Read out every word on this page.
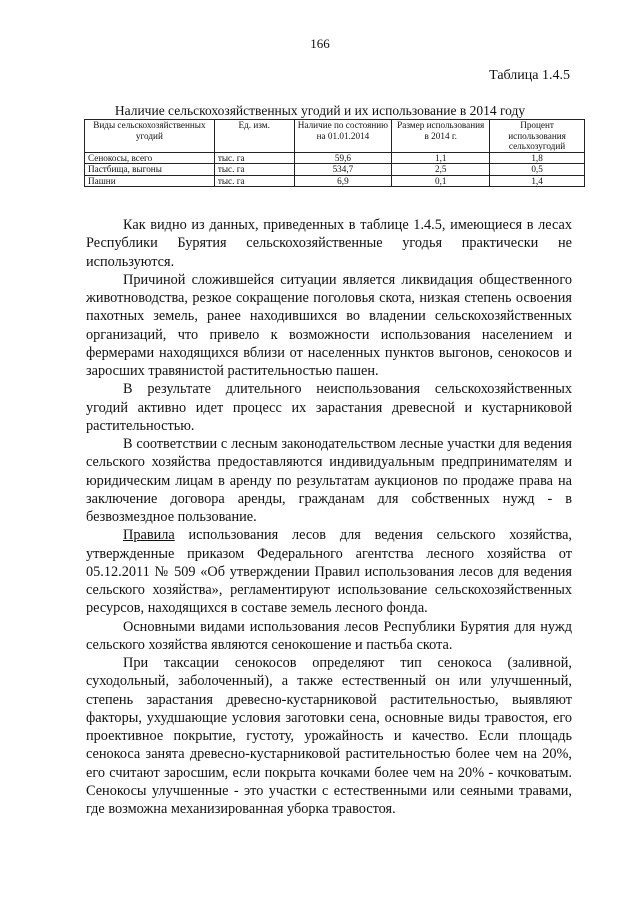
166
Таблица 1.4.5
Наличие сельскохозяйственных угодий и их использование в 2014 году
Виды сельскохозяйственных угодий	Ед. изм.	Наличие по состоянию на 01.01.2014	Размер использования в 2014 г.	Процент использования сельхозугодий
Сенокосы, всего	тыс. га	59,6	1,1	1,8
Пастбища, выгоны	тыс. га	534,7	2,5	0,5
Пашни	тыс. га	6,9	0,1	1,4

Как видно из данных, приведенных в таблице 1.4.5, имеющиеся в лесах Республики Бурятия сельскохозяйственные угодья практически не используются.

Причиной сложившейся ситуации является ликвидация общественного животноводства, резкое сокращение поголовья скота, низкая степень освоения пахотных земель, ранее находившихся во владении сельскохозяйственных организаций, что привело к возможности использования населением и фермерами находящихся вблизи от населенных пунктов выгонов, сенокосов и заросших травянистой растительностью пашен.

В результате длительного неиспользования сельскохозяйственных угодий активно идет процесс их зарастания древесной и кустарниковой растительностью.

В соответствии с лесным законодательством лесные участки для ведения сельского хозяйства предоставляются индивидуальным предпринимателям и юридическим лицам в аренду по результатам аукционов по продаже права на заключение договора аренды, гражданам для собственных нужд - в безвозмездное пользование.

Правила использования лесов для ведения сельского хозяйства, утвержденные приказом Федерального агентства лесного хозяйства от 05.12.2011 № 509 «Об утверждении Правил использования лесов для ведения сельского хозяйства», регламентируют использование сельскохозяйственных ресурсов, находящихся в составе земель лесного фонда.

Основными видами использования лесов Республики Бурятия для нужд сельского хозяйства являются сенокошение и пастьба скота.

При таксации сенокосов определяют тип сенокоса (заливной, суходольный, заболоченный), а также естественный он или улучшенный, степень зарастания древесно-кустарниковой растительностью, выявляют факторы, ухудшающие условия заготовки сена, основные виды травостоя, его проективное покрытие, густоту, урожайность и качество. Если площадь сенокоса занята древесно-кустарниковой растительностью более чем на 20%, его считают заросшим, если покрыта кочками более чем на 20% - кочковатым. Сенокосы улучшенные - это участки с естественными или сеяными травами, где возможна механизированная уборка травостоя.
